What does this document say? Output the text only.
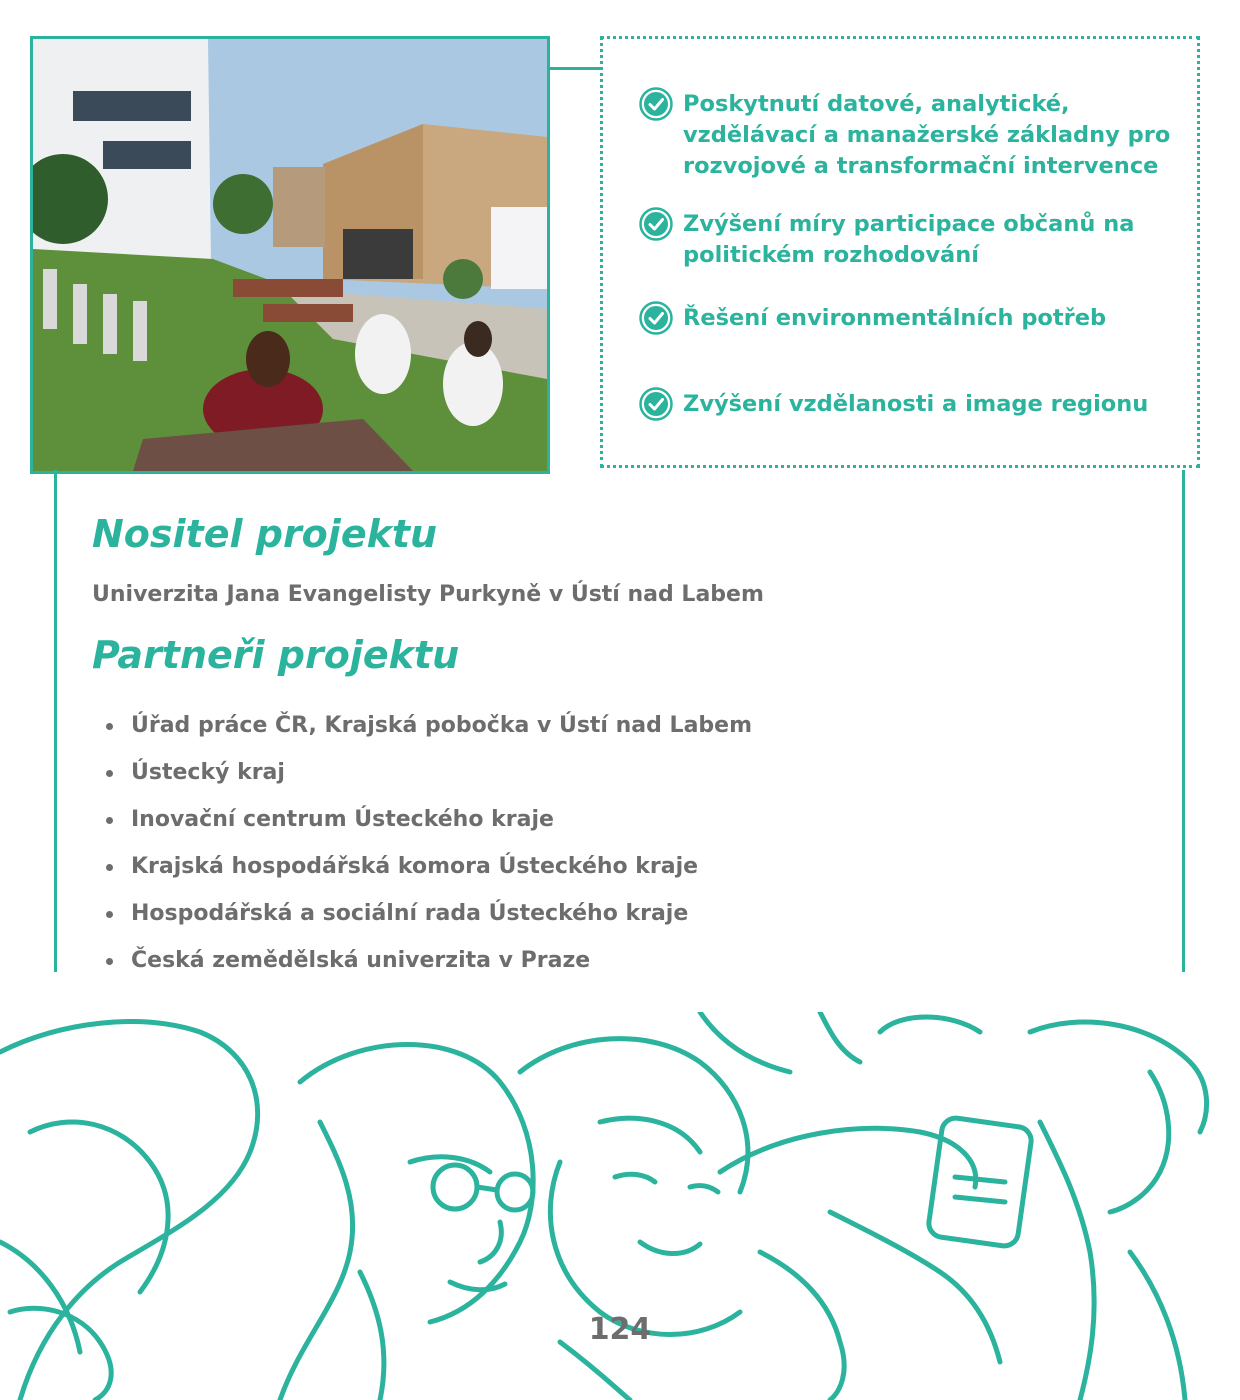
Poskytnutí datové, analytické, vzdělávací a manažerské základny pro rozvojové a transformační intervence
Zvýšení míry participace občanů na politickém rozhodování
Řešení environmentálních potřeb
Zvýšení vzdělanosti a image regionu
Nositel projektu
Univerzita Jana Evangelisty Purkyně v Ústí nad Labem
Partneři projektu
Úřad práce ČR, Krajská pobočka v Ústí nad Labem
Ústecký kraj
Inovační centrum Ústeckého kraje
Krajská hospodářská komora Ústeckého kraje
Hospodářská a sociální rada Ústeckého kraje
Česká zemědělská univerzita v Praze
124
